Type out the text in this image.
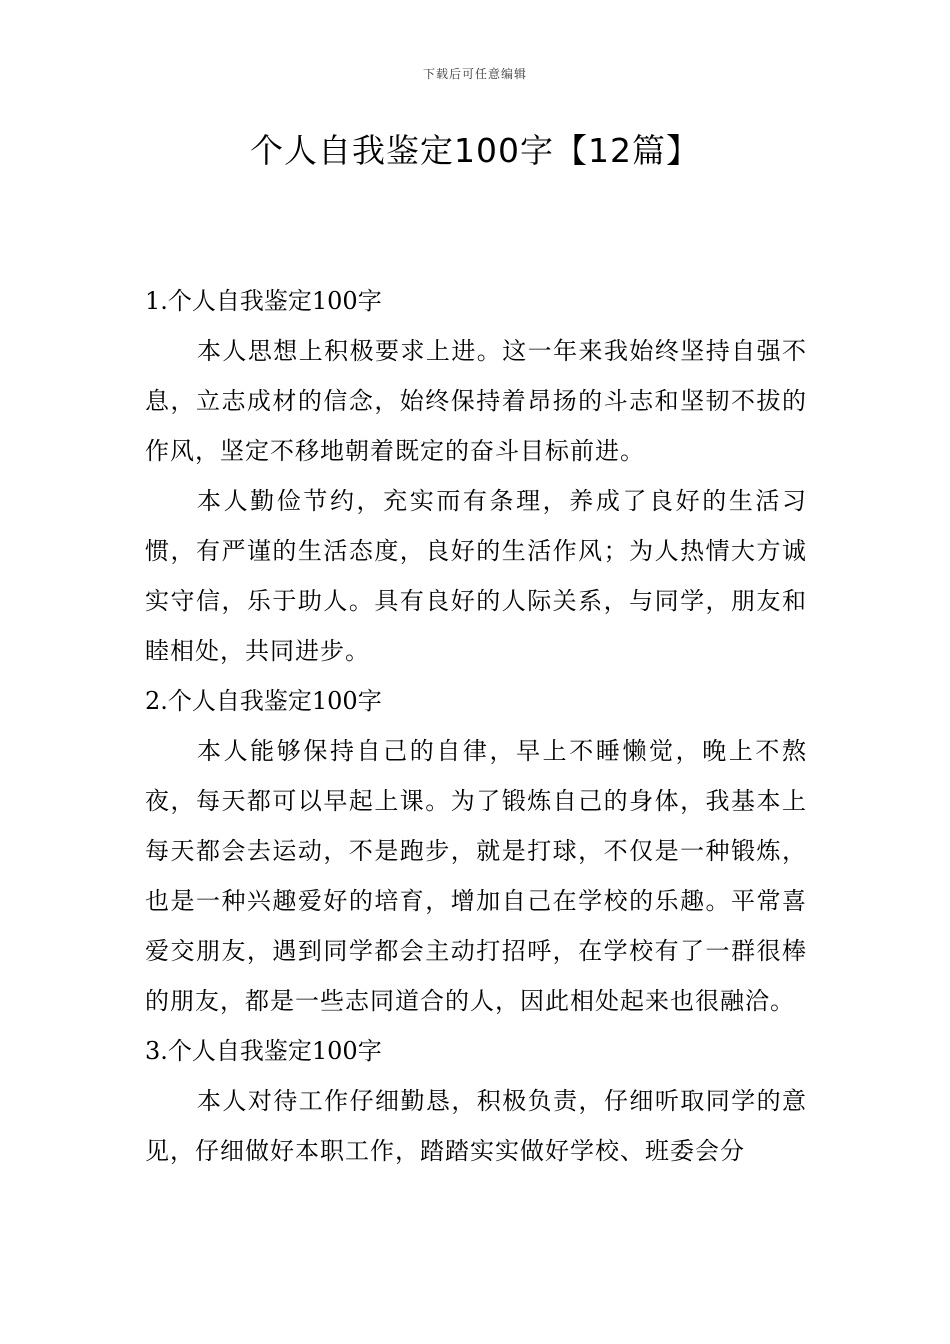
下载后可任意编辑
个人自我鉴定100字【12篇】
1.个人自我鉴定100字

本人思想上积极要求上进。这一年来我始终坚持自强不息，立志成材的信念，始终保持着昂扬的斗志和坚韧不拔的作风，坚定不移地朝着既定的奋斗目标前进。

本人勤俭节约，充实而有条理，养成了良好的生活习惯，有严谨的生活态度，良好的生活作风；为人热情大方诚实守信，乐于助人。具有良好的人际关系，与同学，朋友和睦相处，共同进步。

2.个人自我鉴定100字

本人能够保持自己的自律，早上不睡懒觉，晚上不熬夜，每天都可以早起上课。为了锻炼自己的身体，我基本上每天都会去运动，不是跑步，就是打球，不仅是一种锻炼，也是一种兴趣爱好的培育，增加自己在学校的乐趣。平常喜爱交朋友，遇到同学都会主动打招呼，在学校有了一群很棒的朋友，都是一些志同道合的人，因此相处起来也很融洽。

3.个人自我鉴定100字

本人对待工作仔细勤恳，积极负责，仔细听取同学的意见，仔细做好本职工作，踏踏实实做好学校、班委会分
